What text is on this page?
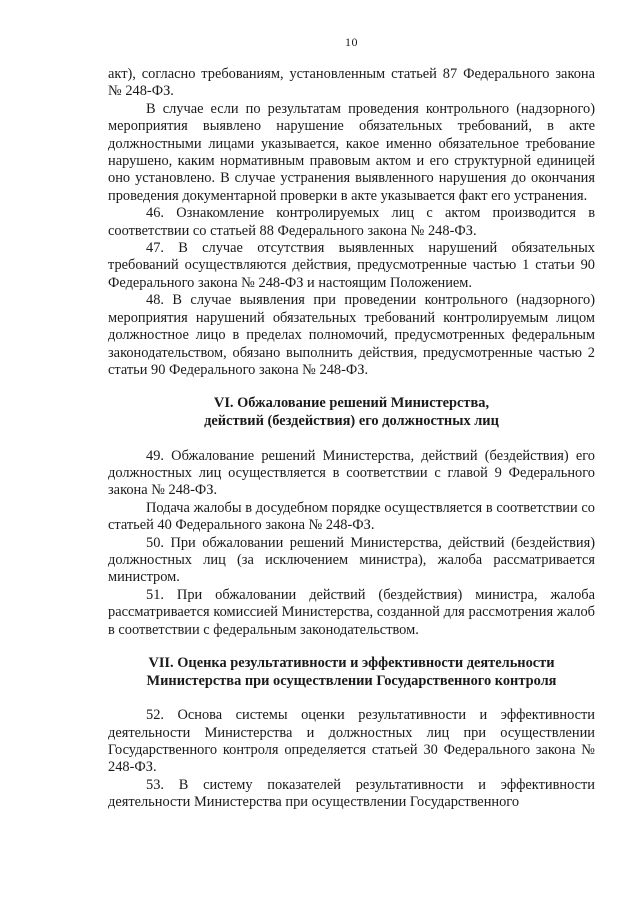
10

акт), согласно требованиям, установленным статьей 87 Федерального закона № 248-ФЗ.

В случае если по результатам проведения контрольного (надзорного) мероприятия выявлено нарушение обязательных требований, в акте должностными лицами указывается, какое именно обязательное требование нарушено, каким нормативным правовым актом и его структурной единицей оно установлено. В случае устранения выявленного нарушения до окончания проведения документарной проверки в акте указывается факт его устранения.

46. Ознакомление контролируемых лиц с актом производится в соответствии со статьей 88 Федерального закона № 248-ФЗ.

47. В случае отсутствия выявленных нарушений обязательных требований осуществляются действия, предусмотренные частью 1 статьи 90 Федерального закона № 248-ФЗ и настоящим Положением.

48. В случае выявления при проведении контрольного (надзорного) мероприятия нарушений обязательных требований контролируемым лицом должностное лицо в пределах полномочий, предусмотренных федеральным законодательством, обязано выполнить действия, предусмотренные частью 2 статьи 90 Федерального закона № 248-ФЗ.

VI. Обжалование решений Министерства,
действий (бездействия) его должностных лиц

49. Обжалование решений Министерства, действий (бездействия) его должностных лиц осуществляется в соответствии с главой 9 Федерального закона № 248-ФЗ.

Подача жалобы в досудебном порядке осуществляется в соответствии со статьей 40 Федерального закона № 248-ФЗ.

50. При обжаловании решений Министерства, действий (бездействия) должностных лиц (за исключением министра), жалоба рассматривается министром.

51. При обжаловании действий (бездействия) министра, жалоба рассматривается комиссией Министерства, созданной для рассмотрения жалоб в соответствии с федеральным законодательством.

VII. Оценка результативности и эффективности деятельности
Министерства при осуществлении Государственного контроля

52. Основа системы оценки результативности и эффективности деятельности Министерства и должностных лиц при осуществлении Государственного контроля определяется статьей 30 Федерального закона № 248-ФЗ.

53. В систему показателей результативности и эффективности деятельности Министерства при осуществлении Государственного
